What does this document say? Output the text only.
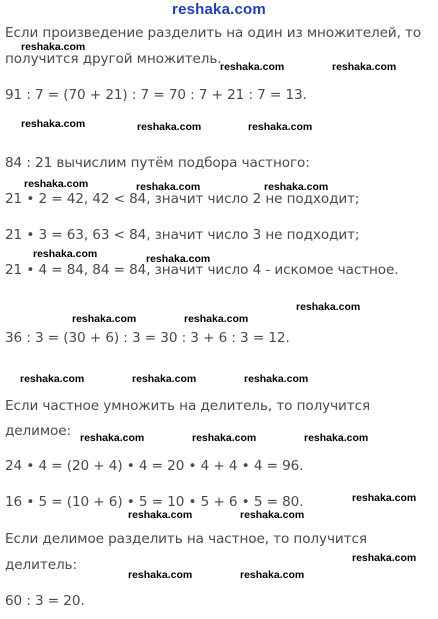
reshaka.com

Если произведение разделить на один из множителей, то

получится другой множитель.

91 : 7 = (70 + 21) : 7 = 70 : 7 + 21 : 7 = 13.

84 : 21 вычислим путём подбора частного:

21 • 2 = 42, 42 < 84, значит число 2 не подходит;

21 • 3 = 63, 63 < 84, значит число 3 не подходит;

21 • 4 = 84, 84 = 84, значит число 4 - искомое частное.

36 : 3 = (30 + 6) : 3 = 30 : 3 + 6 : 3 = 12.

Если частное умножить на делитель, то получится

делимое:

24 • 4 = (20 + 4) • 4 = 20 • 4 + 4 • 4 = 96.

16 • 5 = (10 + 6) • 5 = 10 • 5 + 6 • 5 = 80.

Если делимое разделить на частное, то получится

делитель:

60 : 3 = 20.

reshaka.com
reshaka.com	reshaka.com
reshaka.com	reshaka.com	reshaka.com
reshaka.com	reshaka.com	reshaka.com
reshaka.com	reshaka.com
reshaka.com
reshaka.com	reshaka.com
reshaka.com	reshaka.com	reshaka.com
reshaka.com	reshaka.com	reshaka.com
reshaka.com
reshaka.com	reshaka.com
reshaka.com
reshaka.com	reshaka.com
